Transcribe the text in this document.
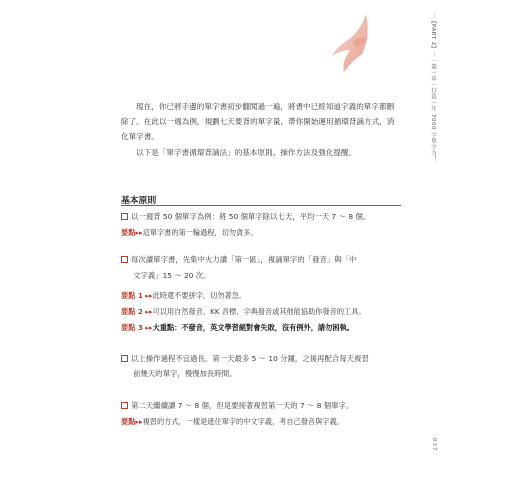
－【PART 2】－｜第一章｜打造一年 7000 字單字力！

現在，你已將手邊的單字書初步翻閱過一遍，將書中已經知道字義的單字都刪除了。在此以一週為例，規劃七天要背的單字量，帶你開始運用循環背誦方式，消化單字書。

以下是「單字書循環背誦法」的基本原則、操作方法及強化提醒。

基本原則
以一週背 50 個單字為例：將 50 個單字除以七天，平均一天 7 ～ 8 個。
要點▸▸這單字書的第一輪過程，切勿貪多。
每次讀單字書，先集中火力讀「第一區」，複誦單字的「發音」與「中
文字義」15 ～ 20 次。
要點 1 ▸▸此時還不要拼字，切勿著急。
要點 2 ▸▸可以用自然發音、KK 音標、字典發音或其他能協助你發音的工具。
要點 3 ▸▸大重點：不發音，英文學習絕對會失敗，沒有例外，請勿困執。
以上操作過程不宜過長。第一天最多 5 ～ 10 分鐘，之後再配合每天複習
前幾天的單字，慢慢加長時間。
第二天繼續讀 7 ～ 8 個，但是要接著複習第一天的 7 ～ 8 個單字。
要點▸▸複習的方式，一樣是遮住單字的中文字義，考自己發音與字義。
037
